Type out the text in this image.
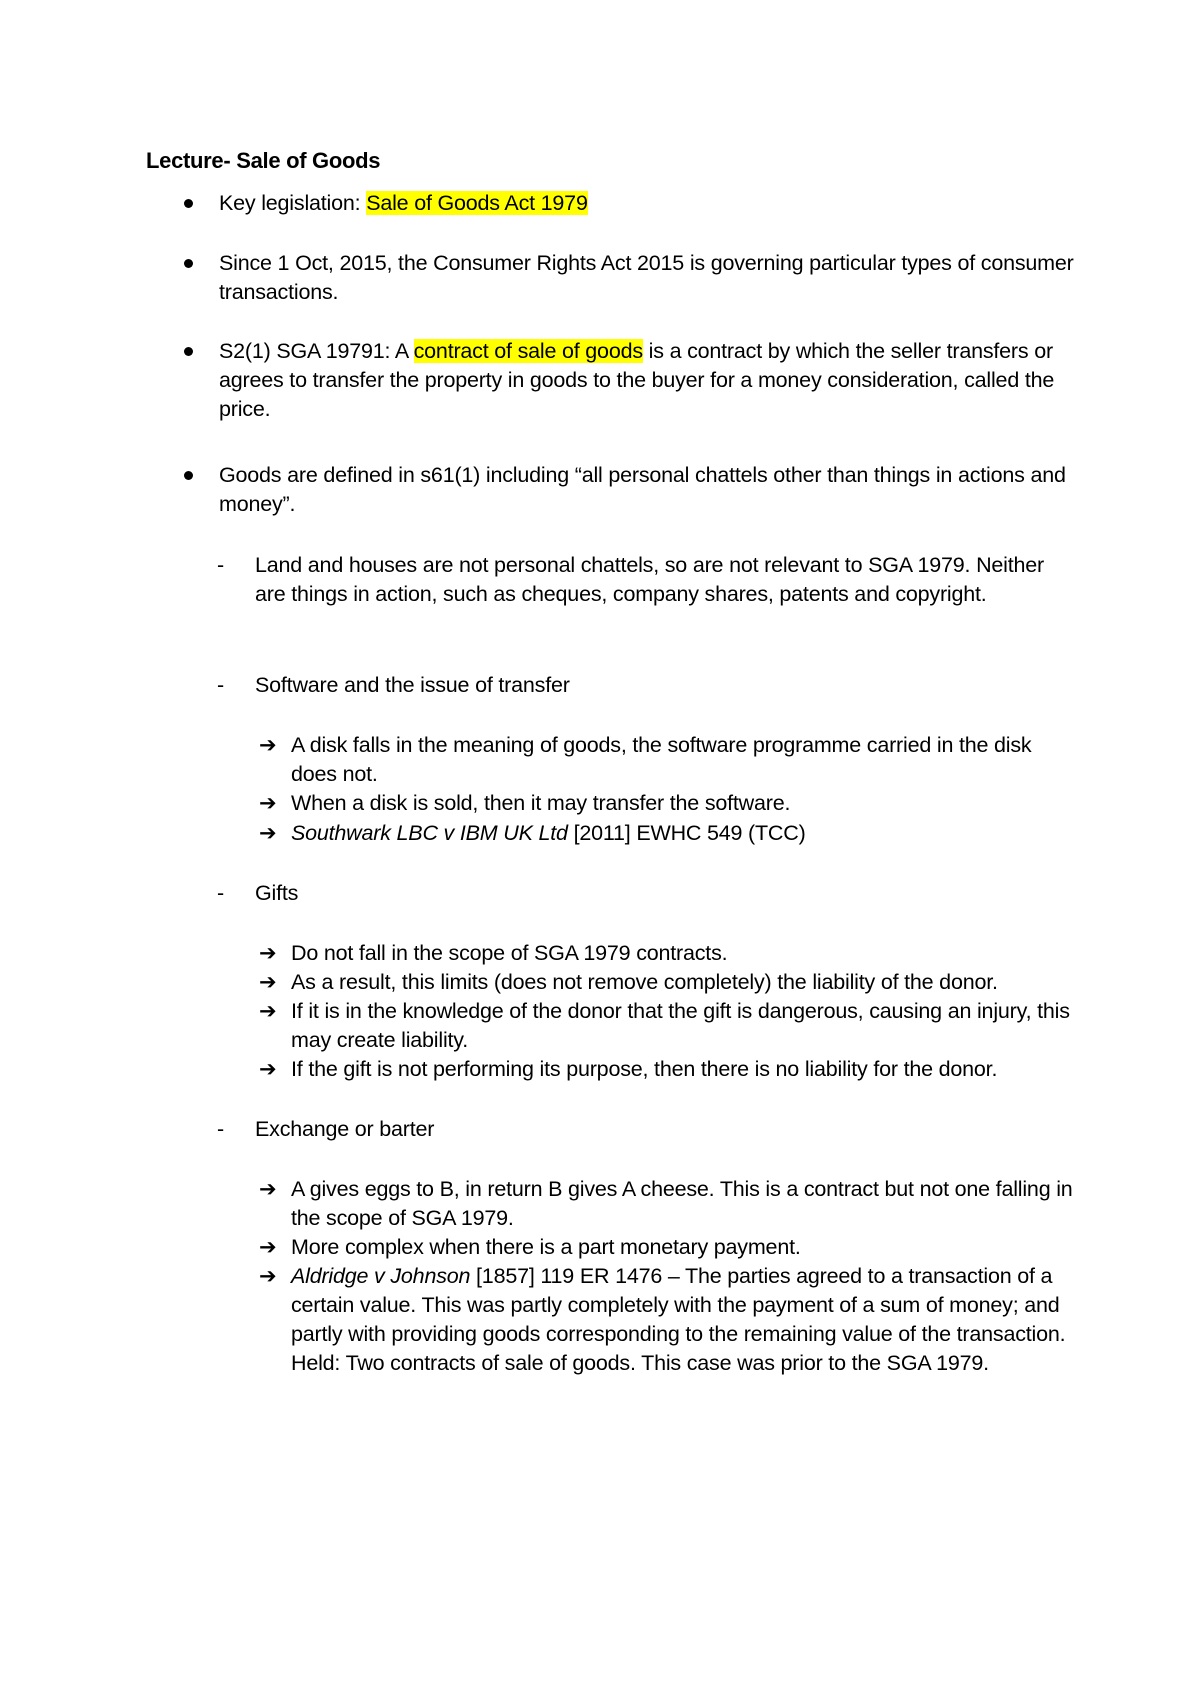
Lecture- Sale of Goods
Key legislation: Sale of Goods Act 1979
Since 1 Oct, 2015, the Consumer Rights Act 2015 is governing particular types of consumer transactions.
S2(1) SGA 19791: A contract of sale of goods is a contract by which the seller transfers or agrees to transfer the property in goods to the buyer for a money consideration, called the price.
Goods are defined in s61(1) including “all personal chattels other than things in actions and money”.
- Land and houses are not personal chattels, so are not relevant to SGA 1979. Neither are things in action, such as cheques, company shares, patents and copyright.
- Software and the issue of transfer
➔ A disk falls in the meaning of goods, the software programme carried in the disk does not.
➔ When a disk is sold, then it may transfer the software.
➔ Southwark LBC v IBM UK Ltd [2011] EWHC 549 (TCC)
- Gifts
➔ Do not fall in the scope of SGA 1979 contracts.
➔ As a result, this limits (does not remove completely) the liability of the donor.
➔ If it is in the knowledge of the donor that the gift is dangerous, causing an injury, this may create liability.
➔ If the gift is not performing its purpose, then there is no liability for the donor.
- Exchange or barter
➔ A gives eggs to B, in return B gives A cheese. This is a contract but not one falling in the scope of SGA 1979.
➔ More complex when there is a part monetary payment.
➔ Aldridge v Johnson [1857] 119 ER 1476 – The parties agreed to a transaction of a certain value. This was partly completely with the payment of a sum of money; and partly with providing goods corresponding to the remaining value of the transaction. Held: Two contracts of sale of goods. This case was prior to the SGA 1979.
